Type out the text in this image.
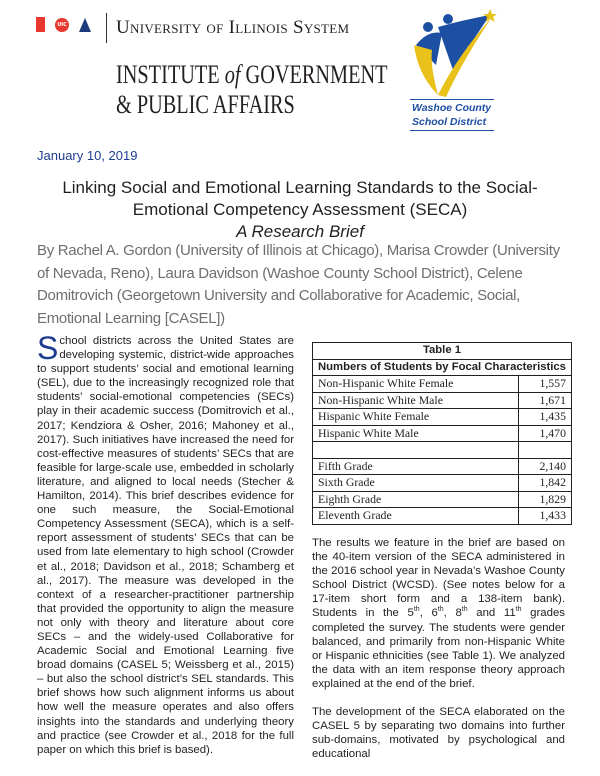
UIC	University of Illinois System
INSTITUTE of GOVERNMENT
& PUBLIC AFFAIRS	Washoe County
School District
January 10, 2019
Linking Social and Emotional Learning Standards to the Social-
Emotional Competency Assessment (SECA)
A Research Brief
By Rachel A. Gordon (University of Illinois at Chicago), Marisa Crowder (University of Nevada, Reno), Laura Davidson (Washoe County School District), Celene Domitrovich (Georgetown University and Collaborative for Academic, Social, Emotional Learning [CASEL])
School districts across the United States are developing systemic, district-wide approaches to support students’ social and emotional learning (SEL), due to the increasingly recognized role that students’ social-emotional competencies (SECs) play in their academic success (Domitrovich et al., 2017; Kendziora & Osher, 2016; Mahoney et al., 2017). Such initiatives have increased the need for cost-effective measures of students’ SECs that are feasible for large-scale use, embedded in scholarly literature, and aligned to local needs (Stecher & Hamilton, 2014). This brief describes evidence for one such measure, the Social-Emotional Competency Assessment (SECA), which is a self-report assessment of students’ SECs that can be used from late elementary to high school (Crowder et al., 2018; Davidson et al., 2018; Schamberg et al., 2017). The measure was developed in the context of a researcher-practitioner partnership that provided the opportunity to align the measure not only with theory and literature about core SECs – and the widely-used Collaborative for Academic Social and Emotional Learning five broad domains (CASEL 5; Weissberg et al., 2015) – but also the school district’s SEL standards. This brief shows how such alignment informs us about how well the measure operates and also offers insights into the standards and underlying theory and practice (see Crowder et al., 2018 for the full paper on which this brief is based).
Table 1	
Numbers of Students by Focal Characteristics	
Non-Hispanic White Female	1,557
Non-Hispanic White Male	1,671
Hispanic White Female	1,435
Hispanic White Male	1,470

Fifth Grade	2,140
Sixth Grade	1,842
Eighth Grade	1,829
Eleventh Grade	1,433

The results we feature in the brief are based on the 40-item version of the SECA administered in the 2016 school year in Nevada’s Washoe County School District (WCSD). (See notes below for a 17-item short form and a 138-item bank). Students in the 5th, 6th, 8th and 11th grades completed the survey. The students were gender balanced, and primarily from non-Hispanic White or Hispanic ethnicities (see Table 1). We analyzed the data with an item response theory approach explained at the end of the brief.

The development of the SECA elaborated on the CASEL 5 by separating two domains into further sub-domains, motivated by psychological and educational
